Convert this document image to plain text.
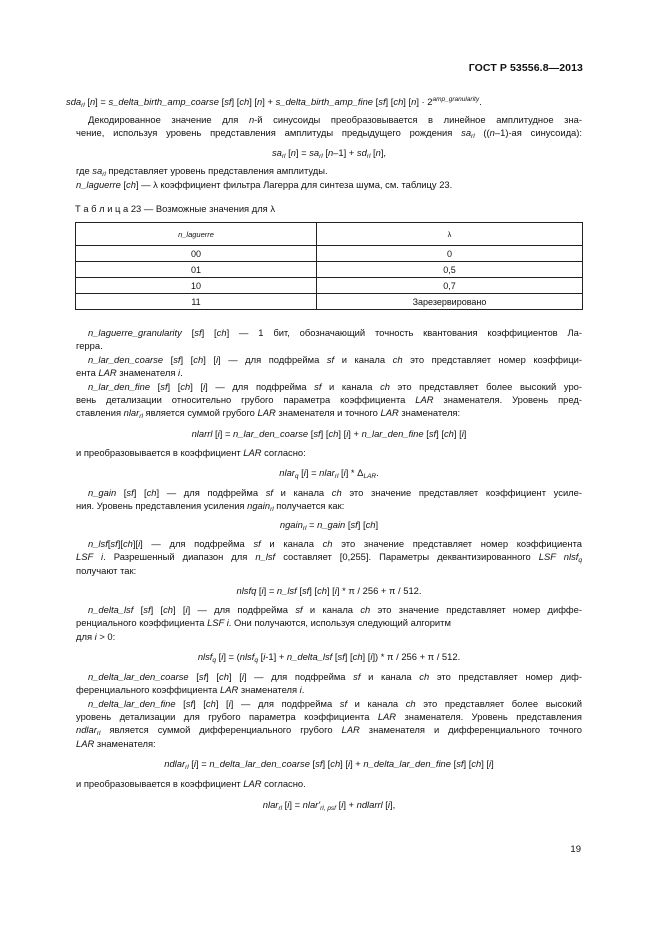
ГОСТ Р 53556.8—2013
sda$_{rl}$ [n] = s_delta_birth_amp_coarse [sf] [ch] [n] + s_delta_birth_amp_fine [sf] [ch] $[n] \cdot 2^{amp\_granularity}$.
Декодированное значение для n-й синусоиды преобразовывается в линейное амплитудное зна-
чение, используя уровень представления амплитуды предыдущего рождения $sa_{rl}$ ((n–1)-ая синусоида):
$sa_{rl}$ $[n] = sa_{rl}$ $[n-1] + sd_{rl}$ [n],
где $sa_{rl}$ представляет уровень представления амплитуды.
n_laguerre [ch] — λ коэффициент фильтра Лагерра для синтеза шума, см. таблицу 23.
Т а б л и ц а 23 — Возможные значения для λ
n_laguerre	λ
00	0
01	0,5
10	0,7
11	Зарезервировано
n_laguerre_granularity [sf] [ch] — 1 бит, обозначающий точность квантования коэффициентов Ла-
герра.
n_lar_den_coarse [sf] [ch] [i] — для подфрейма sf и канала ch это представляет номер коэффици-
ента LAR знаменателя i.
n_lar_den_fine [sf] [ch] [i] — для подфрейма sf и канала ch это представляет более высокий уро-
вень детализации относительно грубого параметра коэффициента LAR знаменателя. Уровень пред-
ставления nlar$_{rl}$ является суммой грубого LAR знаменателя и точного LAR знаменателя:
nlarrl [i] = n_lar_den_coarse [sf] [ch] [i] + n_lar_den_fine [sf] [ch] [i]
и преобразовывается в коэффициент LAR согласно:
nlar$_q$ [i] = nlar$_{rl}$ $[i] * \Delta_{LAR}$.
n_gain [sf] [ch] — для подфрейма sf и канала ch это значение представляет коэффициент усиле-
ния. Уровень представления усиления ngain$_{rl}$ получается как:
ngain$_{rl}$ = n_gain [sf] [ch]
n_lsf[sf][ch][i] — для подфрейма sf и канала ch это значение представляет номер коэффициента
LSF i. Разрешенный диапазон для n_lsf составляет [0,255]. Параметры деквантизированного LSF nlsf$_q$
получают так:
nlsfq [i] = n_lsf [sf] [ch] [i] * π / 256 + π / 512.
n_delta_lsf [sf] [ch] [i] — для подфрейма sf и канала ch это значение представляет номер диффе-
ренциального коэффициента LSF i. Они получаются, используя следующий алгоритм
для i > 0:
nlsf$_q$ [i] = (nlsf$_q$ [i-1] + n_delta_lsf [sf] [ch] [i]) * π / 256 + π / 512.
n_delta_lar_den_coarse [sf] [ch] [i] — для подфрейма sf и канала ch это представляет номер диф-
ференциального коэффициента LAR знаменателя i.
n_delta_lar_den_fine [sf] [ch] [i] — для подфрейма sf и канала ch это представляет более высокий
уровень детализации для грубого параметра коэффициента LAR знаменателя. Уровень представления
ndlar$_{rl}$ является суммой дифференциального грубого LAR знаменателя и дифференциального точного
LAR знаменателя:
ndlar$_{rl}$ [i] = n_delta_lar_den_coarse [sf] [ch] [i] + n_delta_lar_den_fine [sf] [ch] [i]
и преобразовывается в коэффициент LAR согласно.
nlar$_{rl}$ $[i] = nlar'_{rl, psf}$ [i] + ndlarrl [i],
19
